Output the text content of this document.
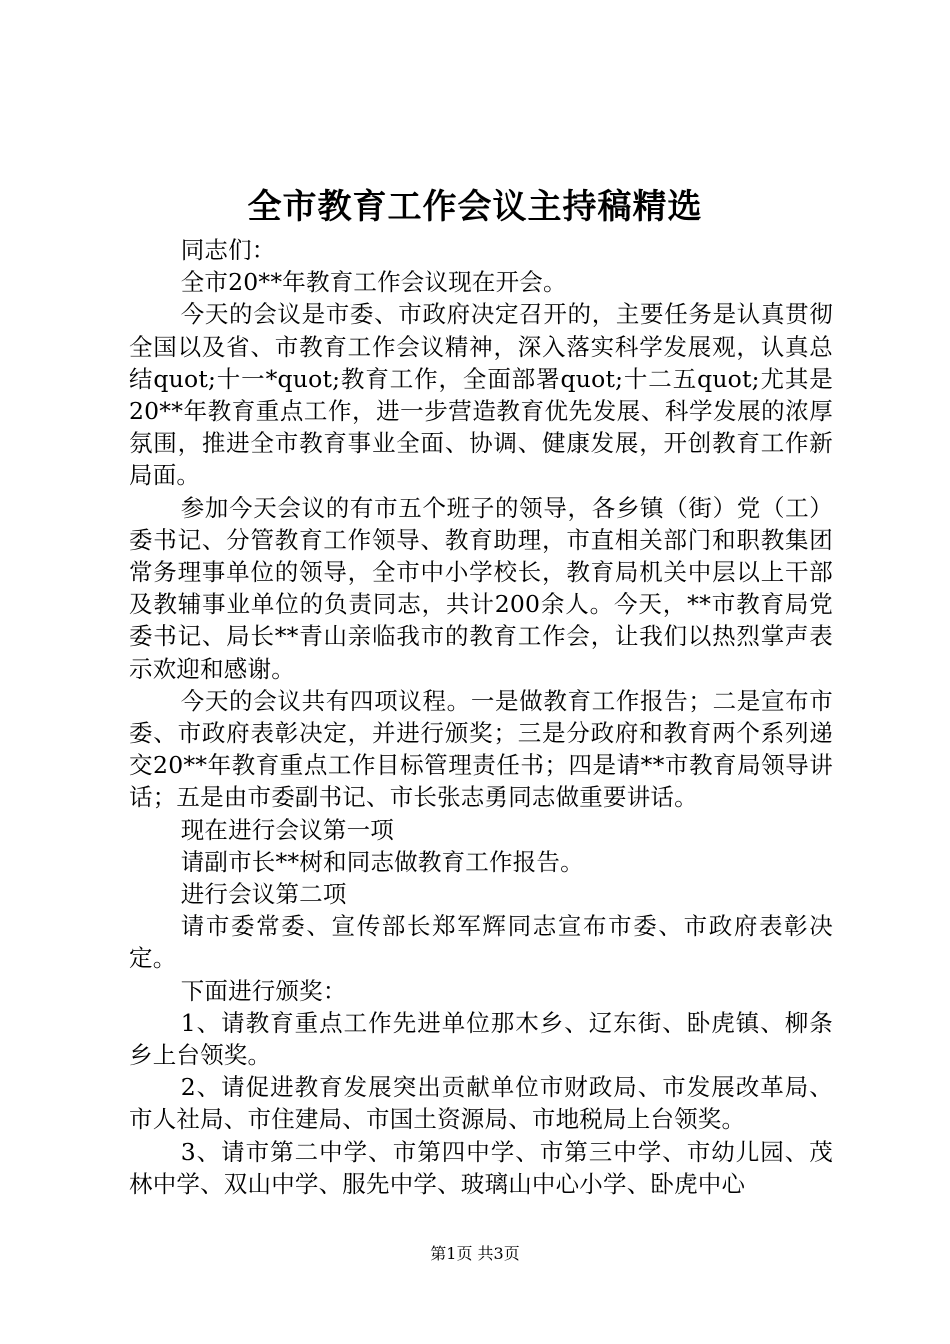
全市教育工作会议主持稿精选

同志们：

全市20**年教育工作会议现在开会。

今天的会议是市委、市政府决定召开的，主要任务是认真贯彻全国以及省、市教育工作会议精神，深入落实科学发展观，认真总结quot;十一*quot;教育工作，全面部署quot;十二五quot;尤其是20**年教育重点工作，进一步营造教育优先发展、科学发展的浓厚氛围，推进全市教育事业全面、协调、健康发展，开创教育工作新局面。

参加今天会议的有市五个班子的领导，各乡镇（街）党（工）委书记、分管教育工作领导、教育助理，市直相关部门和职教集团常务理事单位的领导，全市中小学校长，教育局机关中层以上干部及教辅事业单位的负责同志，共计200余人。今天，**市教育局党委书记、局长**青山亲临我市的教育工作会，让我们以热烈掌声表示欢迎和感谢。

今天的会议共有四项议程。一是做教育工作报告；二是宣布市委、市政府表彰决定，并进行颁奖；三是分政府和教育两个系列递交20**年教育重点工作目标管理责任书；四是请**市教育局领导讲话；五是由市委副书记、市长张志勇同志做重要讲话。

现在进行会议第一项

请副市长**树和同志做教育工作报告。

进行会议第二项

请市委常委、宣传部长郑军辉同志宣布市委、市政府表彰决定。

下面进行颁奖：

1、请教育重点工作先进单位那木乡、辽东街、卧虎镇、柳条乡上台领奖。

2、请促进教育发展突出贡献单位市财政局、市发展改革局、市人社局、市住建局、市国土资源局、市地税局上台领奖。

3、请市第二中学、市第四中学、市第三中学、市幼儿园、茂林中学、双山中学、服先中学、玻璃山中心小学、卧虎中心

第1页 共3页
